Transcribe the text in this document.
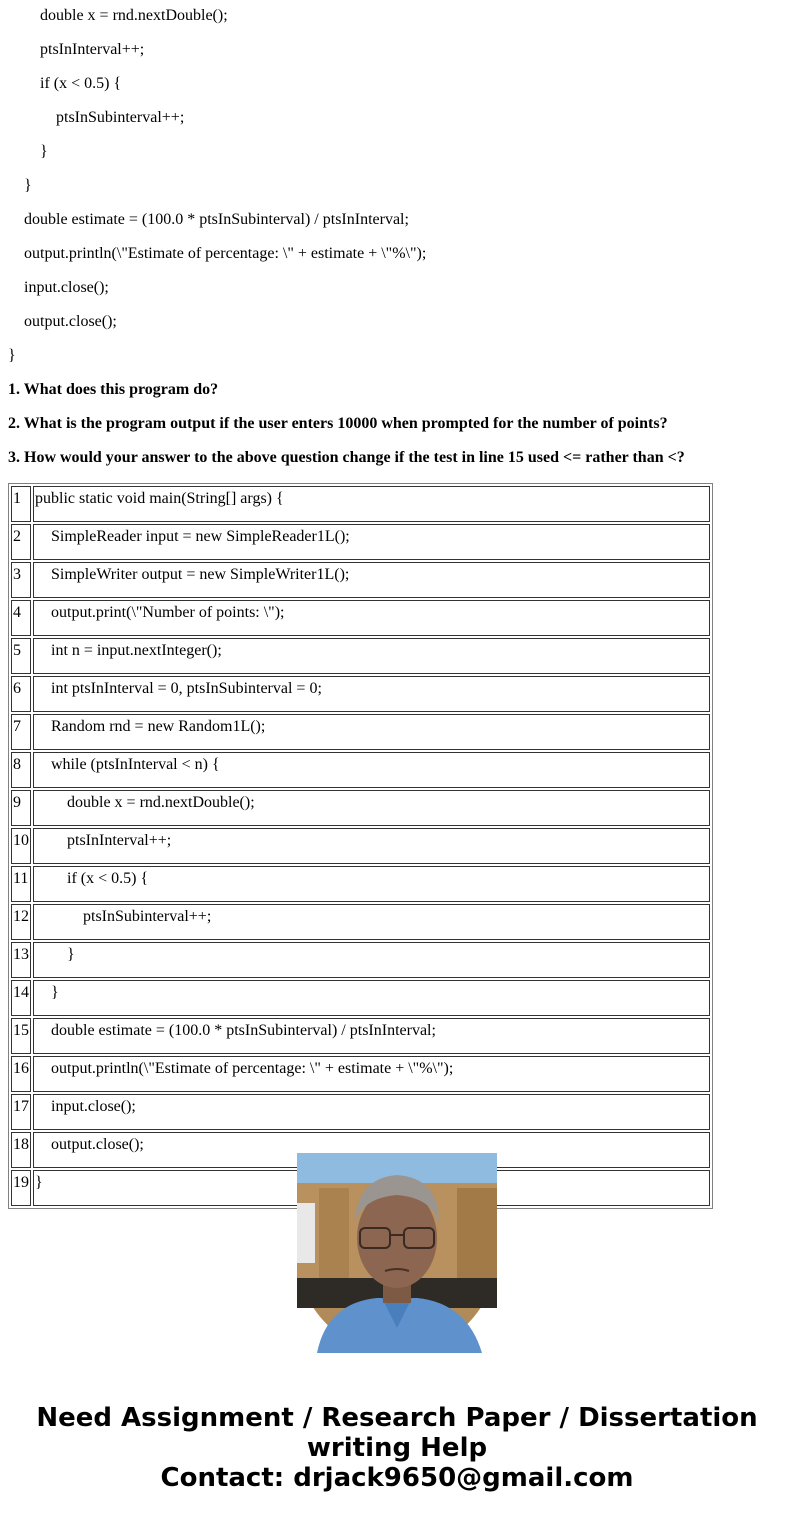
double x = rnd.nextDouble();
ptsInInterval++;
if (x < 0.5) {
ptsInSubinterval++;
}
}
double estimate = (100.0 * ptsInSubinterval) / ptsInInterval;
output.println(\"Estimate of percentage: \" + estimate + \"%\");
input.close();
output.close();
}
1. What does this program do?
2. What is the program output if the user enters 10000 when prompted for the number of points?
3. How would your answer to the above question change if the test in line 15 used <= rather than <?
1	public static void main(String[] args) {
2	SimpleReader input = new SimpleReader1L();
3	SimpleWriter output = new SimpleWriter1L();
4	output.print(\"Number of points: \");
5	int n = input.nextInteger();
6	int ptsInInterval = 0, ptsInSubinterval = 0;
7	Random rnd = new Random1L();
8	while (ptsInInterval < n) {
9	double x = rnd.nextDouble();
10	ptsInInterval++;
11	if (x < 0.5) {
12	ptsInSubinterval++;
13	}
14	}
15	double estimate = (100.0 * ptsInSubinterval) / ptsInInterval;
16	output.println(\"Estimate of percentage: \" + estimate + \"%\");
17	input.close();
18	output.close();
19	}
Need Assignment / Research Paper / Dissertation
writing Help
Contact: drjack9650@gmail.com
